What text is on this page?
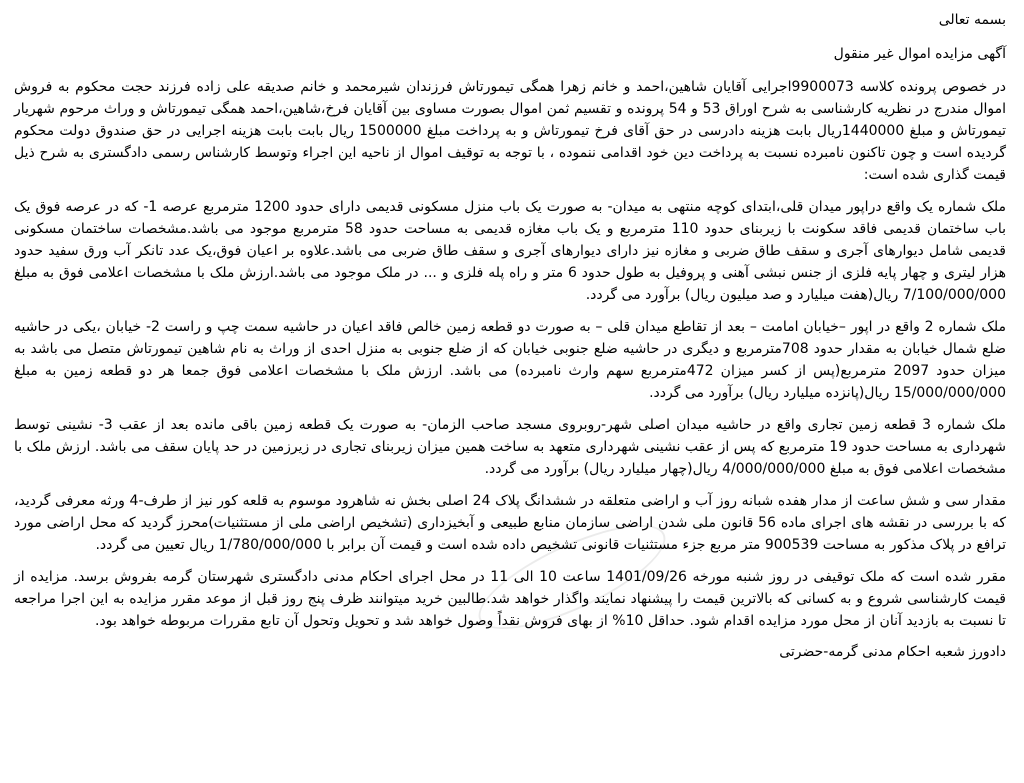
بسمه تعالی

آگهی مزایده اموال غیر منقول

در خصوص پرونده کلاسه 9900073اجرایی آقایان شاهین،احمد و خانم زهرا همگی تیمورتاش فرزندان شیرمحمد و خانم صدیقه علی زاده فرزند حجت محکوم به فروش اموال مندرج در نظریه کارشناسی به شرح اوراق 53 و 54 پرونده و تقسیم ثمن اموال بصورت مساوی بین آقایان فرخ،شاهین،احمد همگی تیمورتاش و وراث مرحوم شهریار تیمورتاش و مبلغ 1440000ریال بابت هزینه دادرسی در حق آقای فرخ تیمورتاش و به پرداخت مبلغ 1500000 ریال بابت بابت هزینه اجرایی در حق صندوق دولت محکوم گردیده است و چون تاکنون نامبرده نسبت به پرداخت دین خود اقدامی ننموده ، با توجه به توقیف اموال از ناحیه این اجراء وتوسط کارشناس رسمی دادگستری به شرح ذیل قیمت گذاری شده است:

ملک شماره یک واقع دراپور میدان قلی،ابتدای کوچه منتهی به میدان- به صورت یک باب منزل مسکونی قدیمی دارای حدود 1200 مترمربع عرصه 1- که در عرصه فوق یک باب ساختمان قدیمی فاقد سکونت با زیربنای حدود 110 مترمربع و یک باب مغازه قدیمی به مساحت حدود 58 مترمربع موجود می باشد.مشخصات ساختمان مسکونی قدیمی شامل دیوارهای آجری و سقف طاق ضربی و مغازه نیز دارای دیوارهای آجری و سقف طاق ضربی می باشد.علاوه بر اعیان فوق،یک عدد تانکر آب ورق سفید حدود هزار لیتری و چهار پایه فلزی از جنس نبشی آهنی و پروفیل به طول حدود 6 متر و راه پله فلزی و ... در ملک موجود می باشد.ارزش ملک با مشخصات اعلامی فوق به مبلغ 7/100/000/000 ریال(هفت میلیارد و صد میلیون ریال) برآورد می گردد.

ملک شماره 2 واقع در اپور –خیابان امامت – بعد از تقاطع میدان قلی – به صورت دو قطعه زمین خالص فاقد اعیان در حاشیه سمت چپ و راست 2- خیابان ،یکی در حاشیه ضلع شمال خیابان به مقدار حدود 708مترمربع و دیگری در حاشیه ضلع جنوبی خیابان که از ضلع جنوبی به منزل احدی از وراث به نام شاهین تیمورتاش متصل می باشد به میزان حدود 2097 مترمربع(پس از کسر میزان 472مترمربع سهم وارث نامبرده) می باشد. ارزش ملک با مشخصات اعلامی فوق جمعا هر دو قطعه زمین به مبلغ 15/000/000/000 ریال(پانزده میلیارد ریال) برآورد می گردد.

ملک شماره 3 قطعه زمین تجاری واقع در حاشیه میدان اصلی شهر-روبروی مسجد صاحب الزمان- به صورت یک قطعه زمین باقی مانده بعد از عقب 3- نشینی توسط شهرداری به مساحت حدود 19 مترمربع که پس از عقب نشینی شهرداری متعهد به ساخت همین میزان زیربنای تجاری در زیرزمین در حد پایان سقف می باشد. ارزش ملک با مشخصات اعلامی فوق به مبلغ 4/000/000/000 ریال(چهار میلیارد ریال) برآورد می گردد.

مقدار سی و شش ساعت از مدار هفده شبانه روز آب و اراضی متعلقه در ششدانگ پلاک 24 اصلی بخش نه شاهرود موسوم به قلعه کور نیز از طرف-4 ورثه معرفی گردید، که با بررسی در نقشه های اجرای ماده 56 قانون ملی شدن اراضی سازمان منابع طبیعی و آبخیزداری (تشخیص اراضی ملی از مستثنیات)محرز گردید که محل اراضی مورد ترافع در پلاک مذکور به مساحت 900539 متر مربع جزء مستثنیات قانونی تشخیص داده شده است و قیمت آن برابر با 1/780/000/000 ریال تعیین می گردد.

مقرر شده است که ملک توقیفی در روز شنبه مورخه 1401/09/26 ساعت 10 الی 11 در محل اجرای احکام مدنی دادگستری شهرستان گرمه بفروش برسد. مزایده از قیمت کارشناسی شروع و به کسانی که بالاترین قیمت را پیشنهاد نمایند واگذار خواهد شد.طالبین خرید میتوانند ظرف پنج روز قبل از موعد مقرر مزایده به این اجرا مراجعه تا نسبت به بازدید آنان از محل مورد مزایده اقدام شود. حداقل 10% از بهای فروش نقداً وصول خواهد شد و تحویل وتحول آن تابع مقررات مربوطه خواهد بود.

دادورز شعبه احکام مدنی گرمه-حضرتی
